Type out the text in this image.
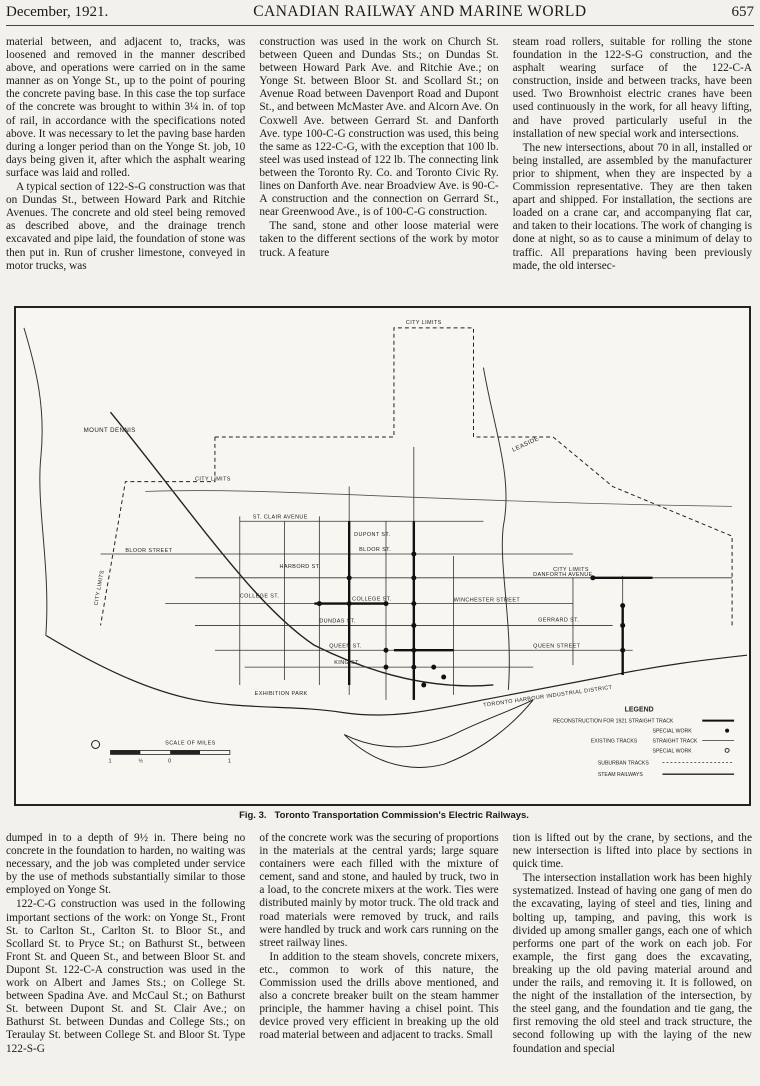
December, 1921.	CANADIAN RAILWAY AND MARINE WORLD	657

material between, and adjacent to, tracks, was loosened and removed in the manner described above, and operations were carried on in the same manner as on Yonge St., up to the point of pouring the concrete paving base. In this case the top surface of the concrete was brought to within 3¼ in. of top of rail, in accordance with the specifications noted above. It was necessary to let the paving base harden during a longer period than on the Yonge St. job, 10 days being given it, after which the asphalt wearing surface was laid and rolled.

A typical section of 122-S-G construction was that on Dundas St., between Howard Park and Ritchie Avenues. The concrete and old steel being removed as described above, and the drainage trench excavated and pipe laid, the foundation of stone was then put in. Run of crusher limestone, conveyed in motor trucks, was

construction was used in the work on Church St. between Queen and Dundas Sts.; on Dundas St. between Howard Park Ave. and Ritchie Ave.; on Yonge St. between Bloor St. and Scollard St.; on Avenue Road between Davenport Road and Dupont St., and between McMaster Ave. and Alcorn Ave. On Coxwell Ave. between Gerrard St. and Danforth Ave. type 100-C-G construction was used, this being the same as 122-C-G, with the exception that 100 lb. steel was used instead of 122 lb. The connecting link between the Toronto Ry. Co. and Toronto Civic Ry. lines on Danforth Ave. near Broadview Ave. is 90-C-A construction and the connection on Gerrard St., near Greenwood Ave., is of 100-C-G construction.

The sand, stone and other loose material were taken to the different sections of the work by motor truck. A feature

steam road rollers, suitable for rolling the stone foundation in the 122-S-G construction, and the asphalt wearing surface of the 122-C-A construction, inside and between tracks, have been used. Two Brownhoist electric cranes have been used continuously in the work, for all heavy lifting, and have proved particularly useful in the installation of new special work and intersections.

The new intersections, about 70 in all, installed or being installed, are assembled by the manufacturer prior to shipment, when they are inspected by a Commission representative. They are then taken apart and shipped. For installation, the sections are loaded on a crane car, and accompanying flat car, and taken to their locations. The work of changing is done at night, so as to cause a minimum of delay to traffic. All preparations having been previously made, the old intersec-

CITY LIMITS
CITY LIMITS
CITY LIMITS	CITY LIMITS
MOUNT DENNIS
LEASIDE
ST. CLAIR AVENUE
BLOOR ST.
BLOOR STREET
DUPONT ST.
HARBORD ST.
COLLEGE ST.
COLLEGE ST.
DUNDAS ST.
QUEEN ST.	QUEEN STREET
KING ST.
DANFORTH AVENUE
GERRARD ST.
WINCHESTER STREET
EXHIBITION PARK	TORONTO HARBOUR INDUSTRIAL DISTRICT
SCALE OF MILES
1	½	0	1
LEGEND
RECONSTRUCTION FOR 1921 STRAIGHT TRACK
SPECIAL WORK
EXISTING TRACKS	STRAIGHT TRACK
SPECIAL WORK
SUBURBAN TRACKS
STEAM RAILWAYS
Fig. 3. Toronto Transportation Commission's Electric Railways.

dumped in to a depth of 9½ in. There being no concrete in the foundation to harden, no waiting was necessary, and the job was completed under service by the use of methods substantially similar to those employed on Yonge St.

122-C-G construction was used in the following important sections of the work: on Yonge St., Front St. to Carlton St., Carlton St. to Bloor St., and Scollard St. to Pryce St.; on Bathurst St., between Front St. and Queen St., and between Bloor St. and Dupont St. 122-C-A construction was used in the work on Albert and James Sts.; on College St. between Spadina Ave. and McCaul St.; on Bathurst St. between Dupont St. and St. Clair Ave.; on Bathurst St. between Dundas and College Sts.; on Teraulay St. between College St. and Bloor St. Type 122-S-G

of the concrete work was the securing of proportions in the materials at the central yards; large square containers were each filled with the mixture of cement, sand and stone, and hauled by truck, two in a load, to the concrete mixers at the work. Ties were distributed mainly by motor truck. The old track and road materials were removed by truck, and rails were handled by truck and work cars running on the street railway lines.

In addition to the steam shovels, concrete mixers, etc., common to work of this nature, the Commission used the drills above mentioned, and also a concrete breaker built on the steam hammer principle, the hammer having a chisel point. This device proved very efficient in breaking up the old road material between and adjacent to tracks. Small

tion is lifted out by the crane, by sections, and the new intersection is lifted into place by sections in quick time.

The intersection installation work has been highly systematized. Instead of having one gang of men do the excavating, laying of steel and ties, lining and bolting up, tamping, and paving, this work is divided up among smaller gangs, each one of which performs one part of the work on each job. For example, the first gang does the excavating, breaking up the old paving material around and under the rails, and removing it. It is followed, on the night of the installation of the intersection, by the steel gang, and the foundation and tie gang, the first removing the old steel and track structure, the second following up with the laying of the new foundation and special
